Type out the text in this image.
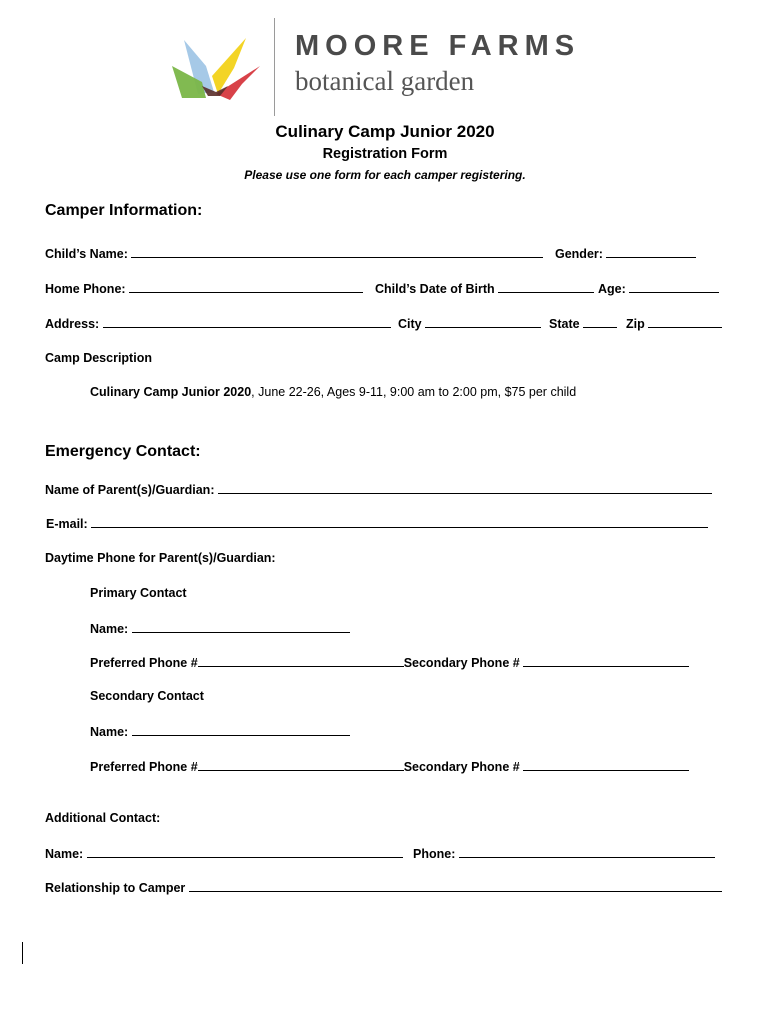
MOORE FARMS
botanical garden
Culinary Camp Junior 2020
Registration Form
Please use one form for each camper registering.
Camper Information:
Child’s Name:	Gender:
Home Phone:	Child’s Date of Birth	Age:
Address:	City	State	Zip
Camp Description
Culinary Camp Junior 2020, June 22-26, Ages 9-11, 9:00 am to 2:00 pm, $75 per child
Emergency Contact:
Name of Parent(s)/Guardian:
E-mail:
Daytime Phone for Parent(s)/Guardian:
Primary Contact
Name:
Preferred Phone #	Secondary Phone #
Secondary Contact
Name:
Preferred Phone #	Secondary Phone #
Additional Contact:
Name:	Phone:
Relationship to Camper
